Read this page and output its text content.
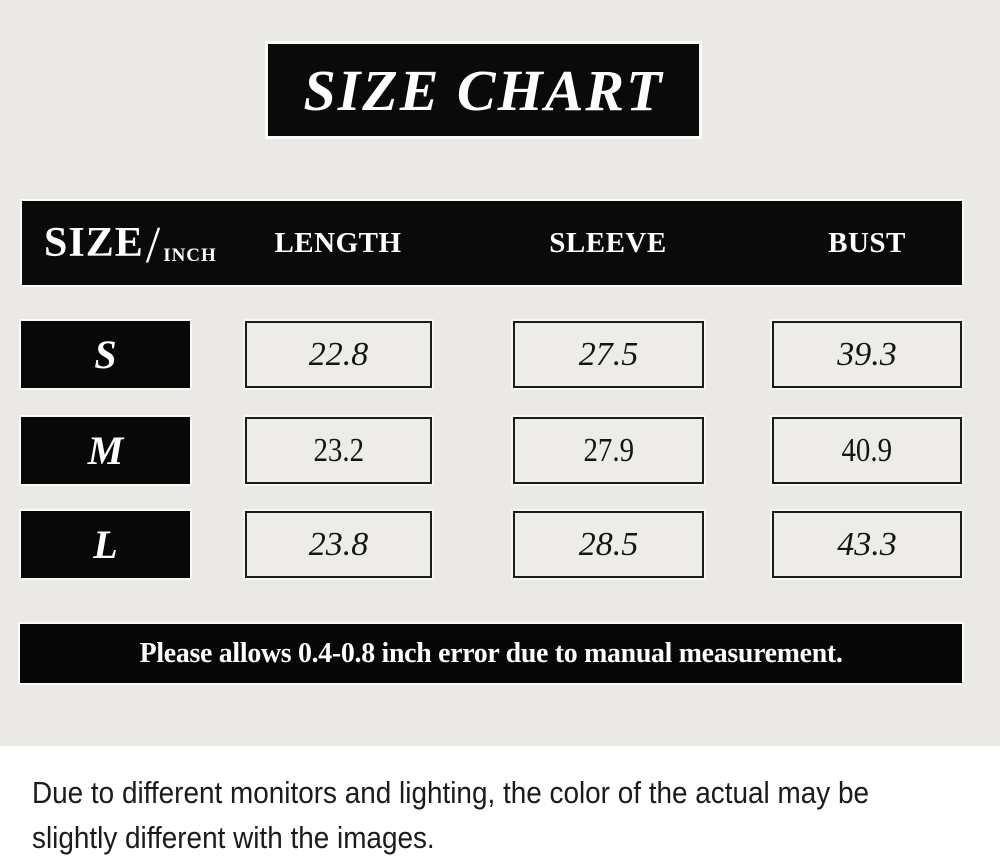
SIZE CHART
SIZE / INCH	LENGTH	SLEEVE	BUST
S	22.8	27.5	39.3
M	23.2	27.9	40.9
L	23.8	28.5	43.3
Please allows 0.4-0.8 inch error due to manual measurement.
Due to different monitors and lighting, the color of the actual may be
slightly different with the images.
